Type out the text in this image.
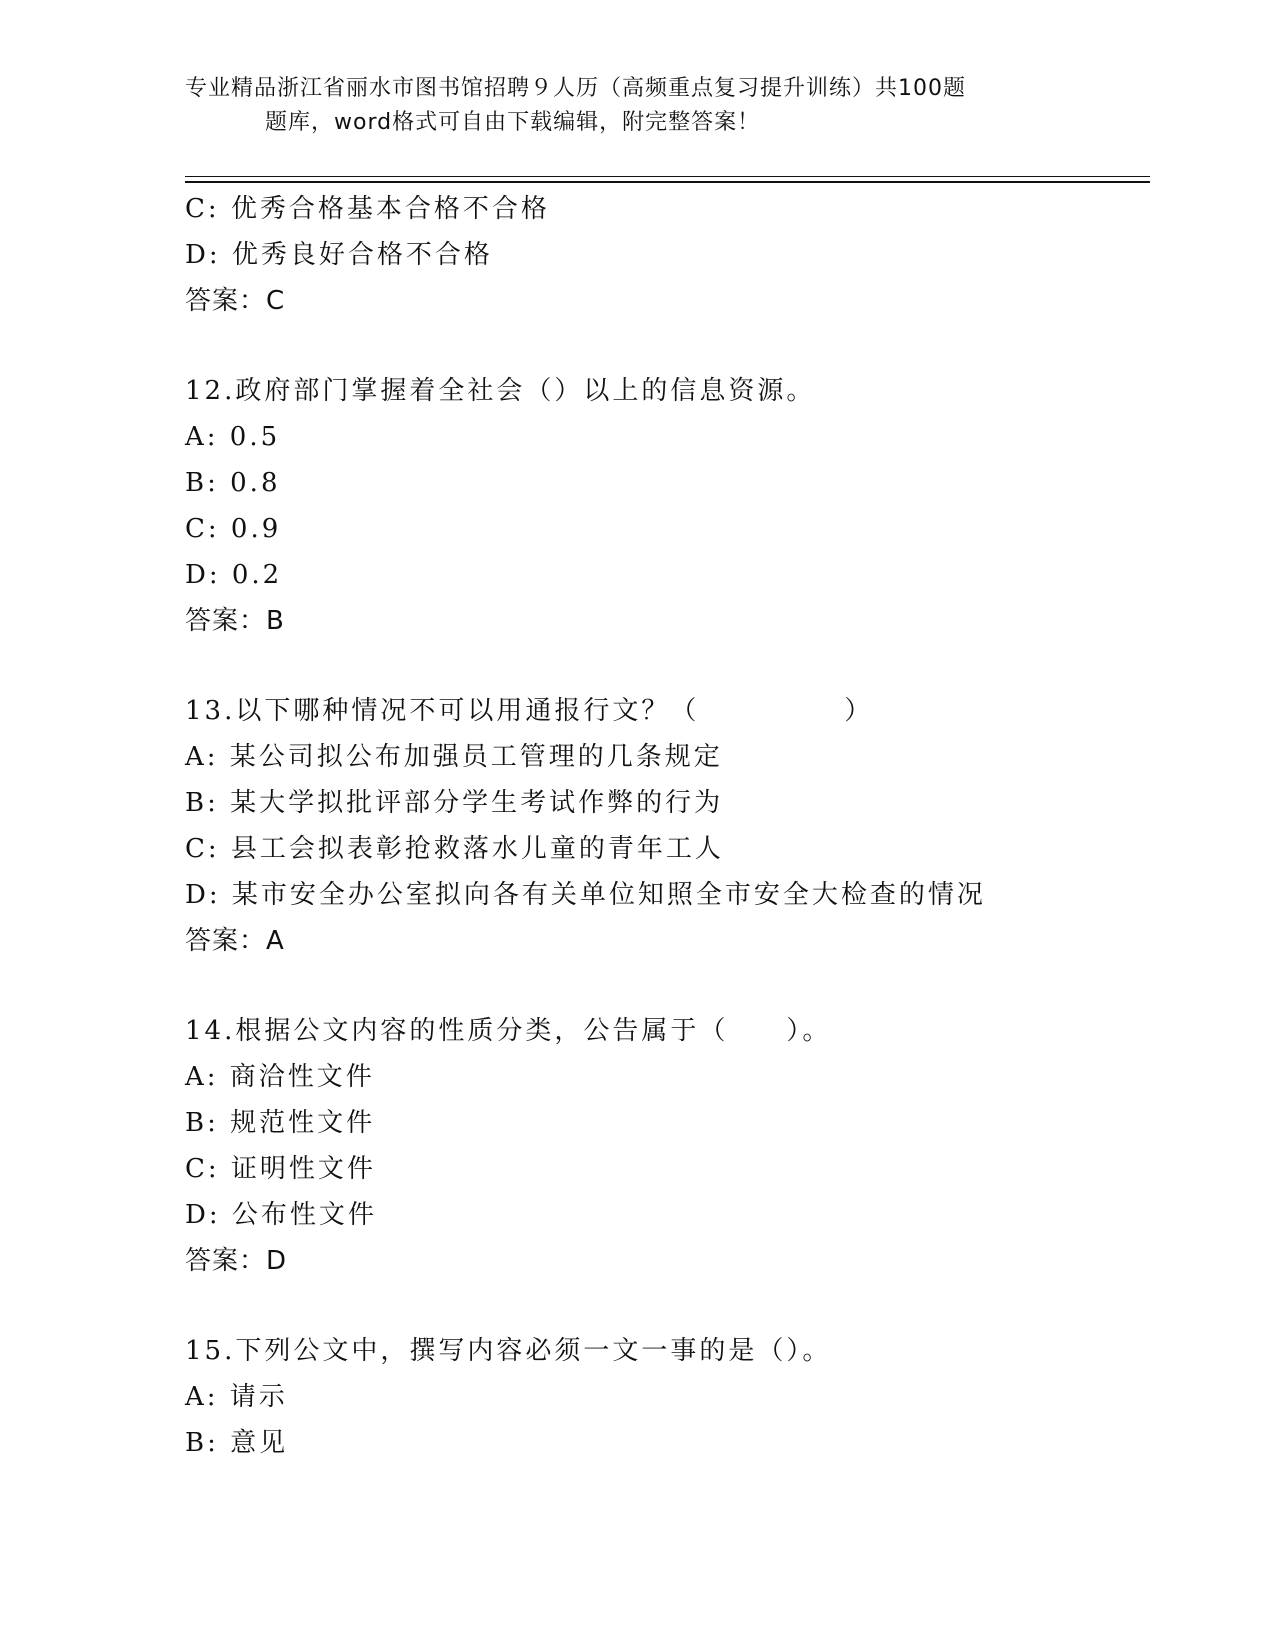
专业精品浙江省丽水市图书馆招聘９人历（高频重点复习提升训练）共100题
题库，word格式可自由下载编辑，附完整答案！
C: 优秀合格基本合格不合格
D: 优秀良好合格不合格
答案：C
12.政府部门掌握着全社会（）以上的信息资源。
A: 0.5
B: 0.8
C: 0.9
D: 0.2
答案：B
13.以下哪种情况不可以用通报行文？（　　　　　）
A: 某公司拟公布加强员工管理的几条规定
B: 某大学拟批评部分学生考试作弊的行为
C: 县工会拟表彰抢救落水儿童的青年工人
D: 某市安全办公室拟向各有关单位知照全市安全大检查的情况
答案：A
14.根据公文内容的性质分类，公告属于（　　）。
A: 商洽性文件
B: 规范性文件
C: 证明性文件
D: 公布性文件
答案：D
15.下列公文中，撰写内容必须一文一事的是（）。
A: 请示
B: 意见
